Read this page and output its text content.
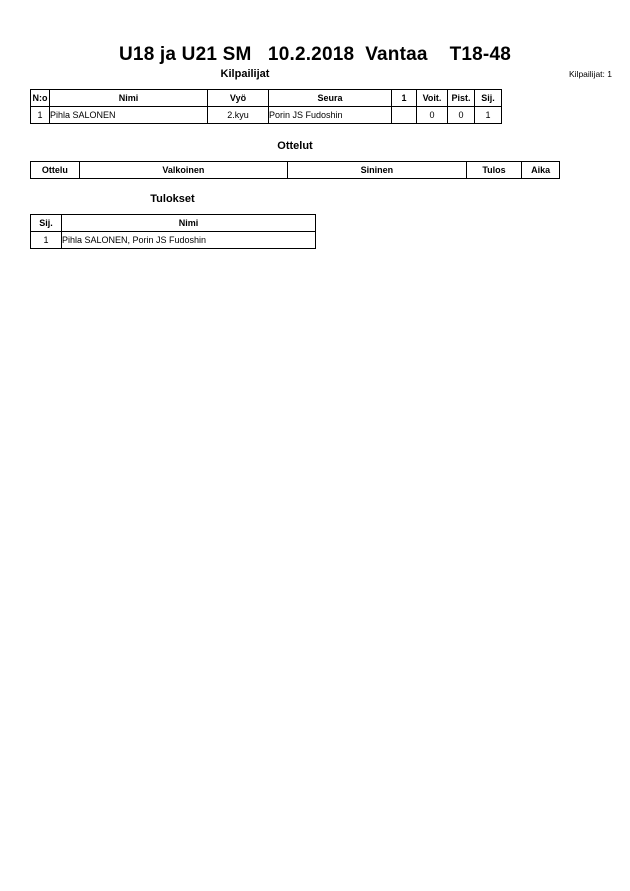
U18 ja U21 SM   10.2.2018  Vantaa    T18-48
Kilpailijat	Kilpailijat: 1
N:o	Nimi	Vyö	Seura	1	Voit.	Pist.	Sij.
1	Pihla SALONEN	2.kyu	Porin JS Fudoshin		0	0	1
Ottelut
Ottelu	Valkoinen	Sininen	Tulos	Aika
Tulokset
Sij.	Nimi
1	Pihla SALONEN, Porin JS Fudoshin
